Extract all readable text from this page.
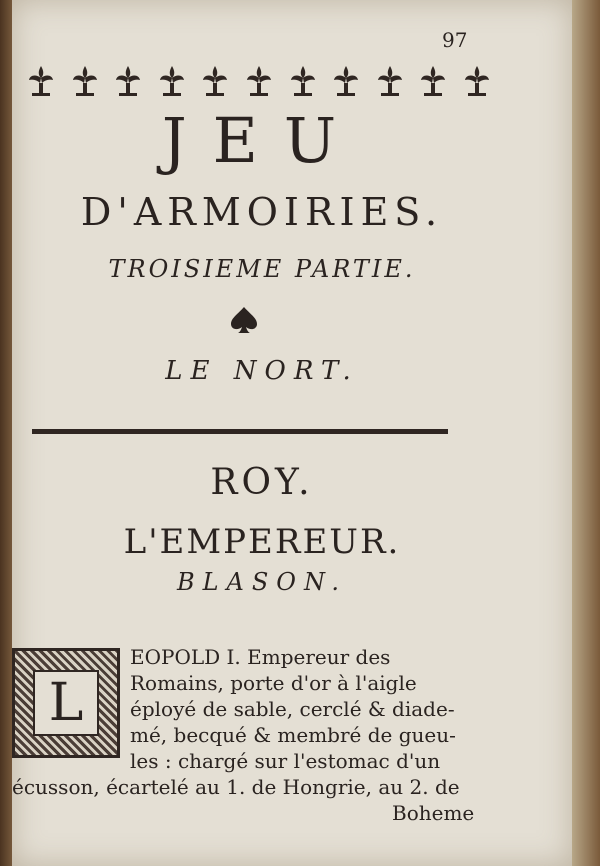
97
JEU
D'ARMOIRIES.
TROISIEME PARTIE.
LE NORT.
ROY.
L'EMPEREUR.
BLASON.
L
EOPOLD I. Empereur des
Romains, porte d'or à l'aigle
éployé de sable, cerclé & diade-
mé, becqué & membré de gueu-
les : chargé sur l'estomac d'un
écusson, écartelé au 1. de Hongrie, au 2. de
Boheme
